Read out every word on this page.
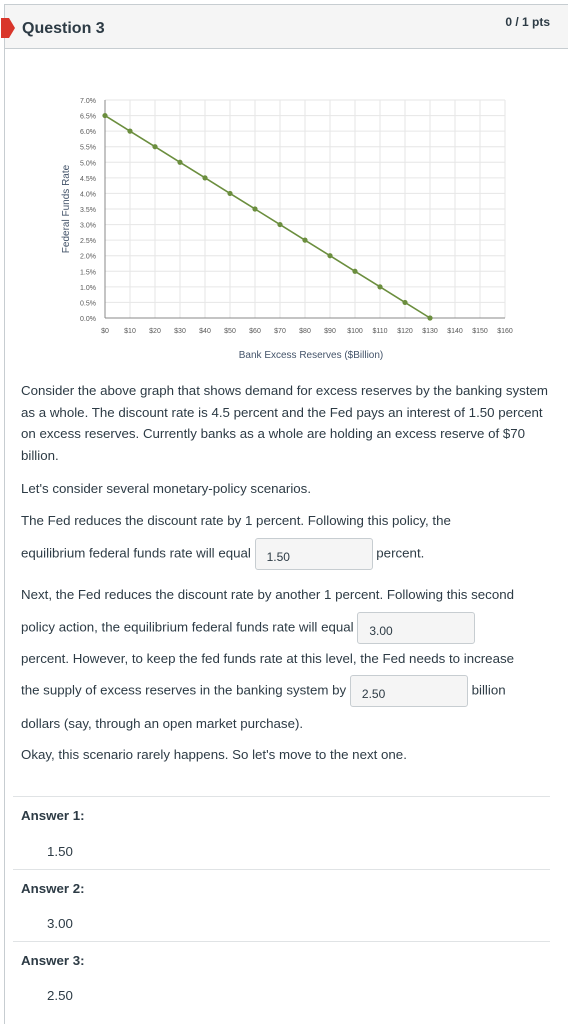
Question 3	0 / 1 pts
0.0%
0.5%
1.0%
1.5%
2.0%
2.5%
3.0%
3.5%
4.0%
4.5%
5.0%
5.5%
6.0%
6.5%
7.0%
$0 $10 $20 $30 $40 $50 $60 $70 $80 $90 $100 $110 $120 $130 $140 $150 $160
Bank Excess Reserves ($Billion)
Federal Funds Rate
Consider the above graph that shows demand for excess reserves by the banking system as a whole. The discount rate is 4.5 percent and the Fed pays an interest of 1.50 percent on excess reserves. Currently banks as a whole are holding an excess reserve of $70 billion.
Let's consider several monetary-policy scenarios.
The Fed reduces the discount rate by 1 percent. Following this policy, the
equilibrium federal funds rate will equal 1.50	percent.
Next, the Fed reduces the discount rate by another 1 percent. Following this second
policy action, the equilibrium federal funds rate will equal 3.00
percent. However, to keep the fed funds rate at this level, the Fed needs to increase
the supply of excess reserves in the banking system by 2.50	billion
dollars (say, through an open market purchase).
Okay, this scenario rarely happens. So let's move to the next one.
Answer 1:
1.50
Answer 2:
3.00
Answer 3:
2.50
